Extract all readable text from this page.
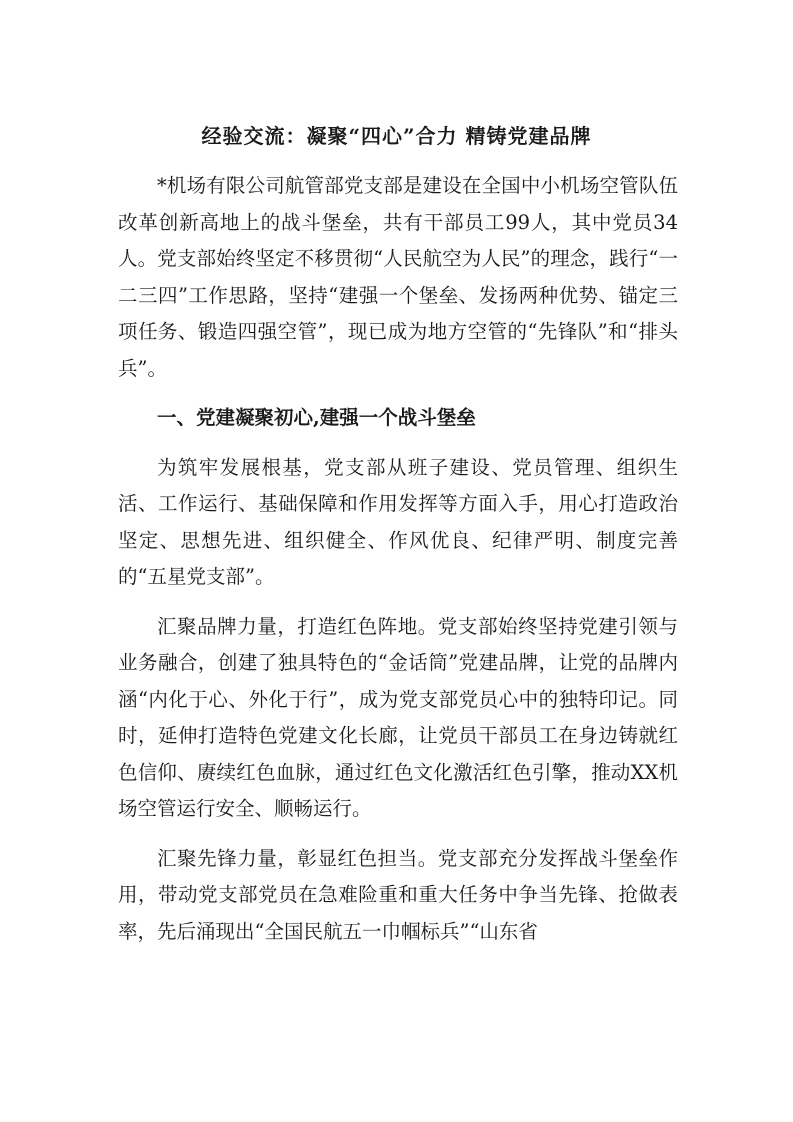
经验交流：凝聚“四心”合力 精铸党建品牌

*机场有限公司航管部党支部是建设在全国中小机场空管队伍改革创新高地上的战斗堡垒，共有干部员工99人，其中党员34人。党支部始终坚定不移贯彻“人民航空为人民”的理念，践行“一二三四”工作思路，坚持“建强一个堡垒、发扬两种优势、锚定三项任务、锻造四强空管”，现已成为地方空管的“先锋队”和“排头兵”。

一、党建凝聚初心,建强一个战斗堡垒

为筑牢发展根基，党支部从班子建设、党员管理、组织生活、工作运行、基础保障和作用发挥等方面入手，用心打造政治坚定、思想先进、组织健全、作风优良、纪律严明、制度完善的“五星党支部”。

汇聚品牌力量，打造红色阵地。党支部始终坚持党建引领与业务融合，创建了独具特色的“金话筒”党建品牌，让党的品牌内涵“内化于心、外化于行”，成为党支部党员心中的独特印记。同时，延伸打造特色党建文化长廊，让党员干部员工在身边铸就红色信仰、赓续红色血脉，通过红色文化激活红色引擎，推动XX机场空管运行安全、顺畅运行。

汇聚先锋力量，彰显红色担当。党支部充分发挥战斗堡垒作用，带动党支部党员在急难险重和重大任务中争当先锋、抢做表率，先后涌现出“全国民航五一巾帼标兵”“山东省
